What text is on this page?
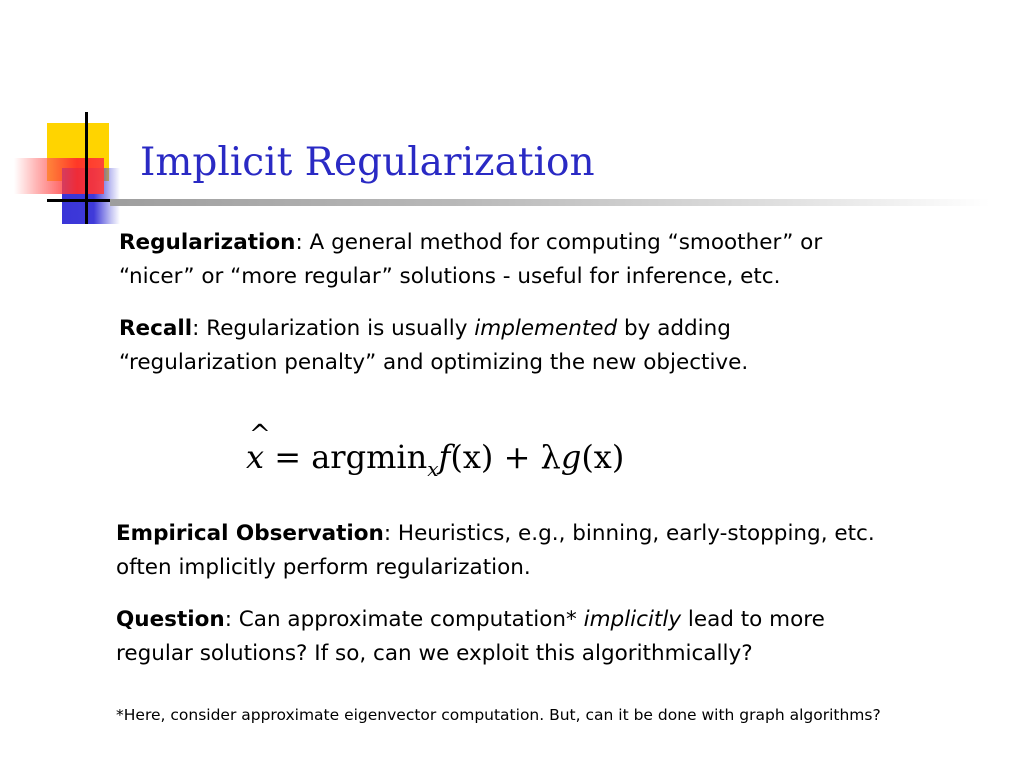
Implicit Regularization

Regularization: A general method for computing “smoother” or
“nicer” or “more regular” solutions - useful for inference, etc.

Recall: Regularization is usually implemented by adding
“regularization penalty” and optimizing the new objective.

^ x = argmin$_x$f(x) + λg(x)

Empirical Observation: Heuristics, e.g., binning, early-stopping, etc.
often implicitly perform regularization.

Question: Can approximate computation* implicitly lead to more
regular solutions? If so, can we exploit this algorithmically?

*Here, consider approximate eigenvector computation. But, can it be done with graph algorithms?
